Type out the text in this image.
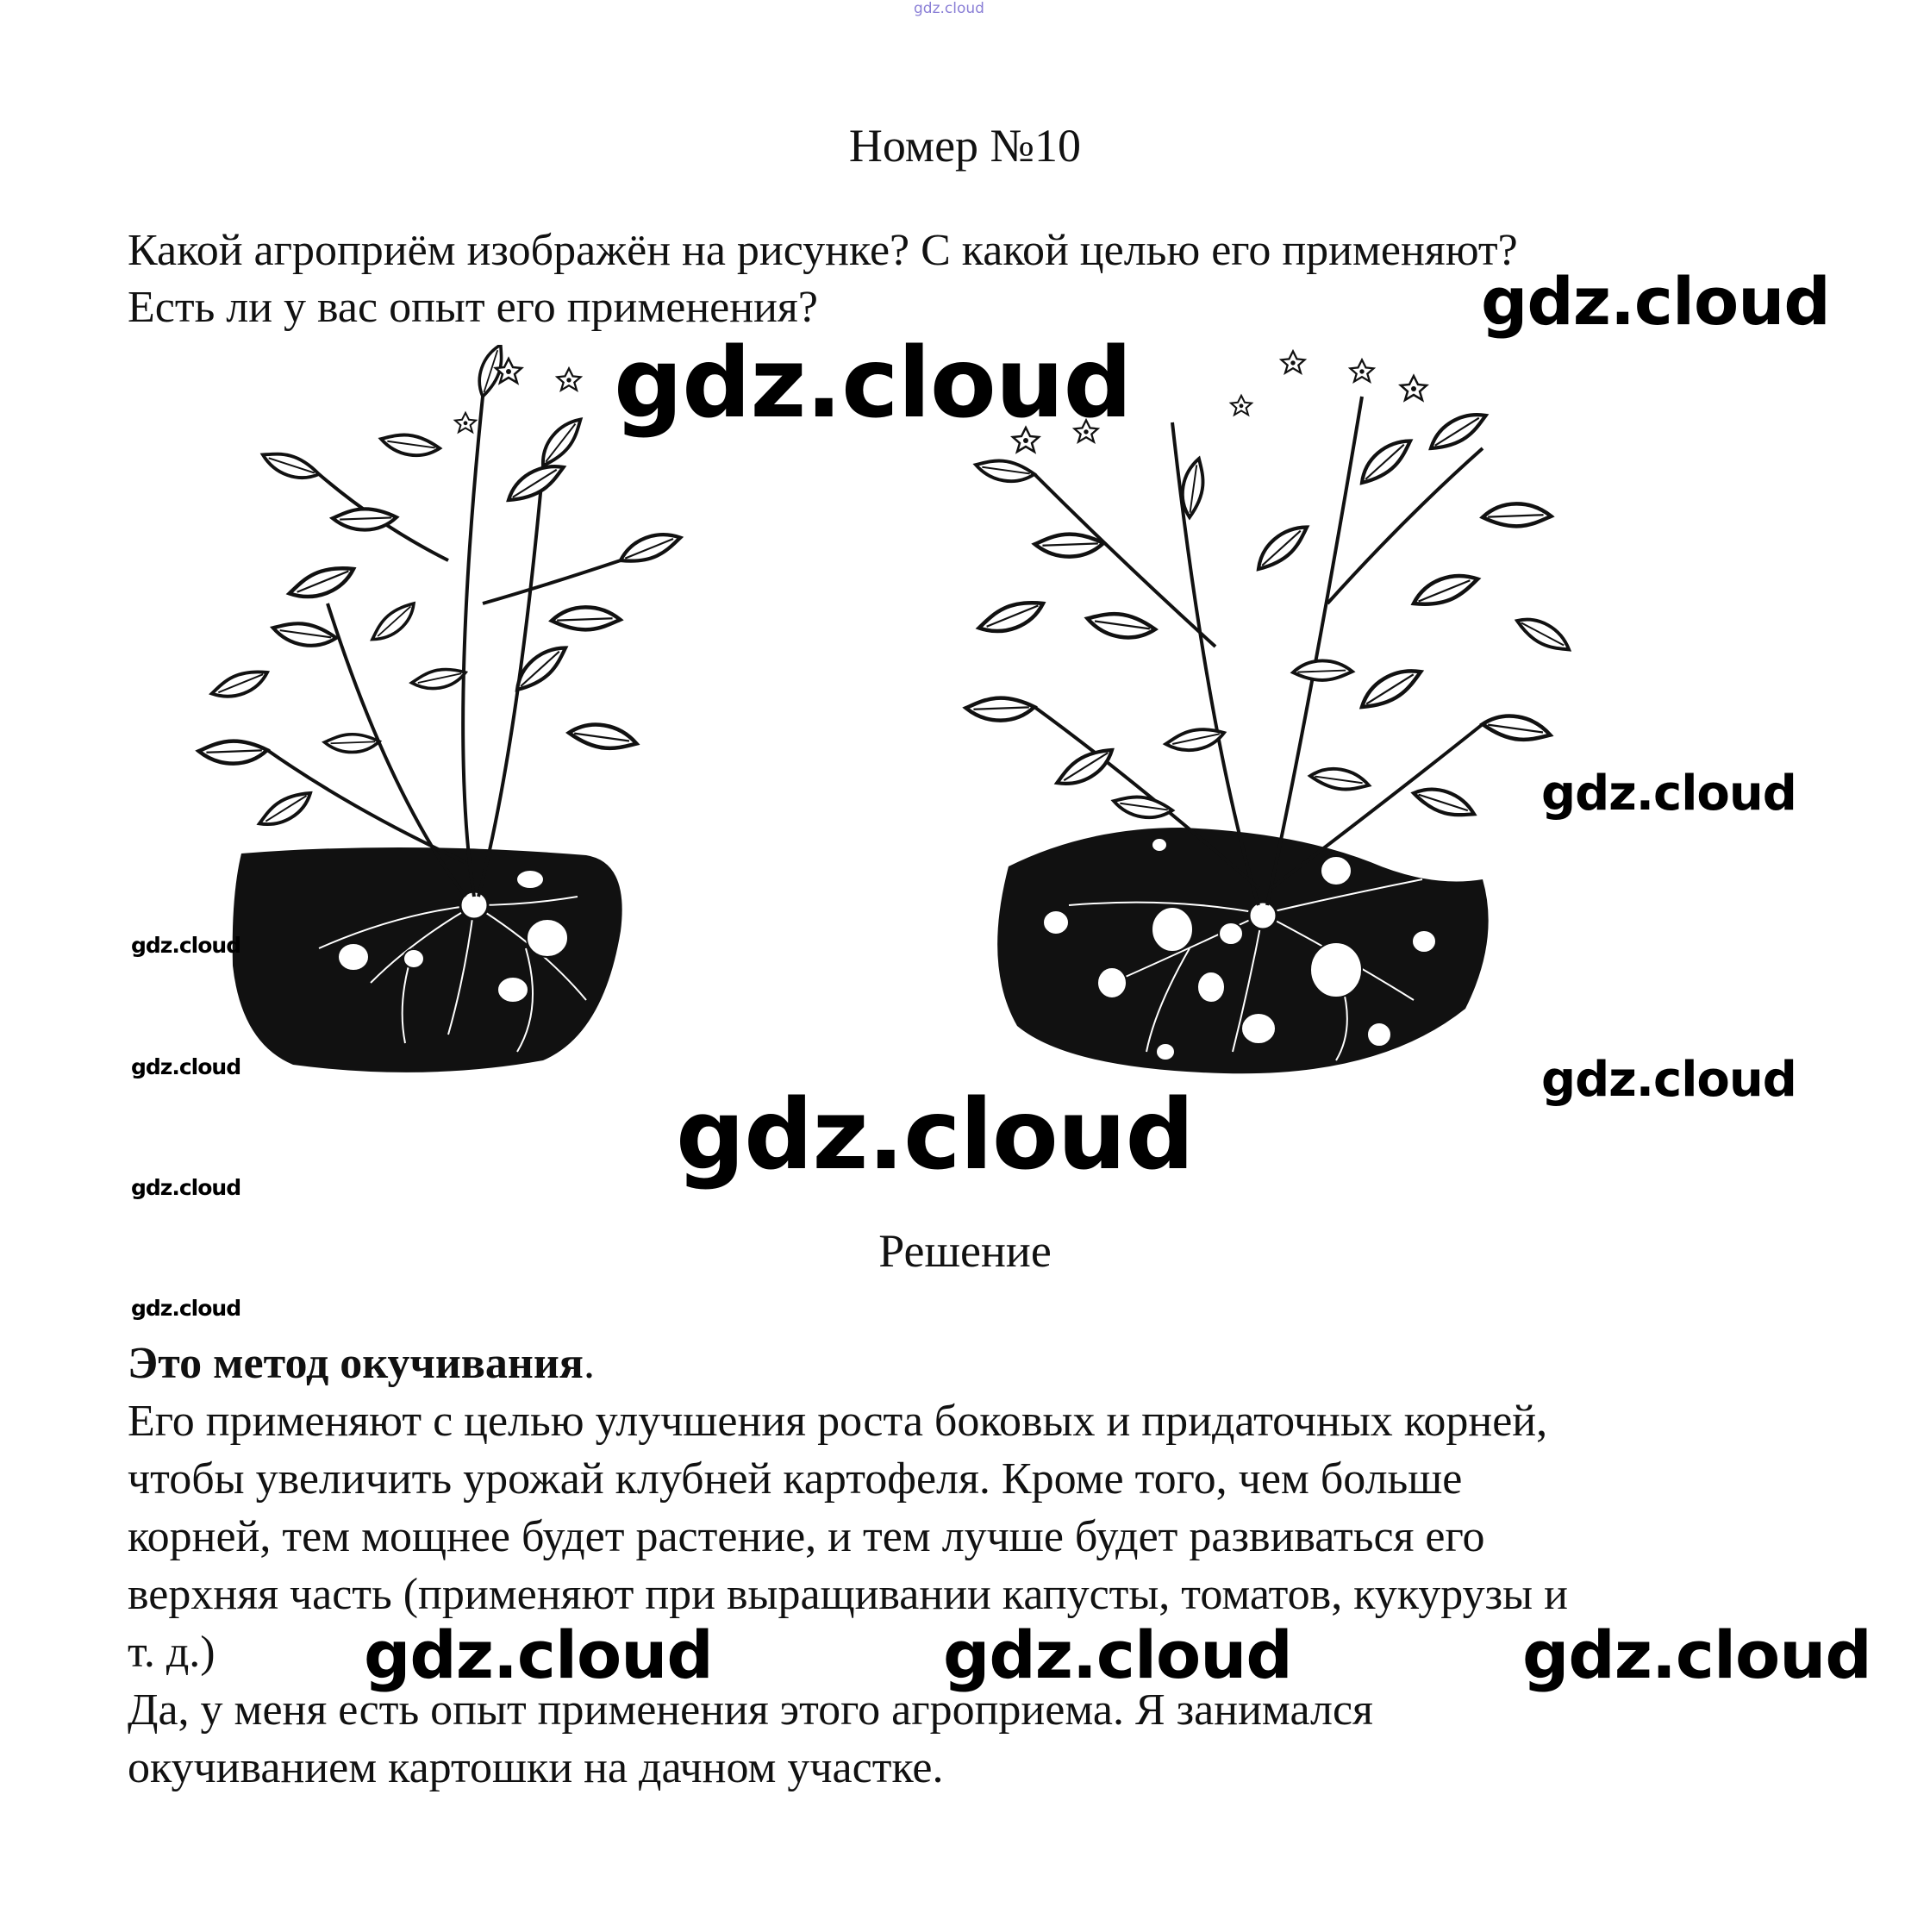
gdz.cloud
Номер №10
Какой агроприём изображён на рисунке? С какой целью его применяют?
Есть ли у вас опыт его применения?
Решение

Это метод окучивания.

Его применяют с целью улучшения роста боковых и придаточных корней,
чтобы увеличить урожай клубней картофеля. Кроме того, чем больше
корней, тем мощнее будет растение, и тем лучше будет развиваться его
верхняя часть (применяют при выращивании капусты, томатов, кукурузы и
т. д.)

Да, у меня есть опыт применения этого агроприема. Я занимался
окучиванием картошки на дачном участке.

gdz.cloud
gdz.cloud
gdz.cloud
gdz.cloud
gdz.cloud	gdz.cloud
gdz.cloud
gdz.cloud
gdz.cloud
gdz.cloud	gdz.cloud	gdz.cloud
